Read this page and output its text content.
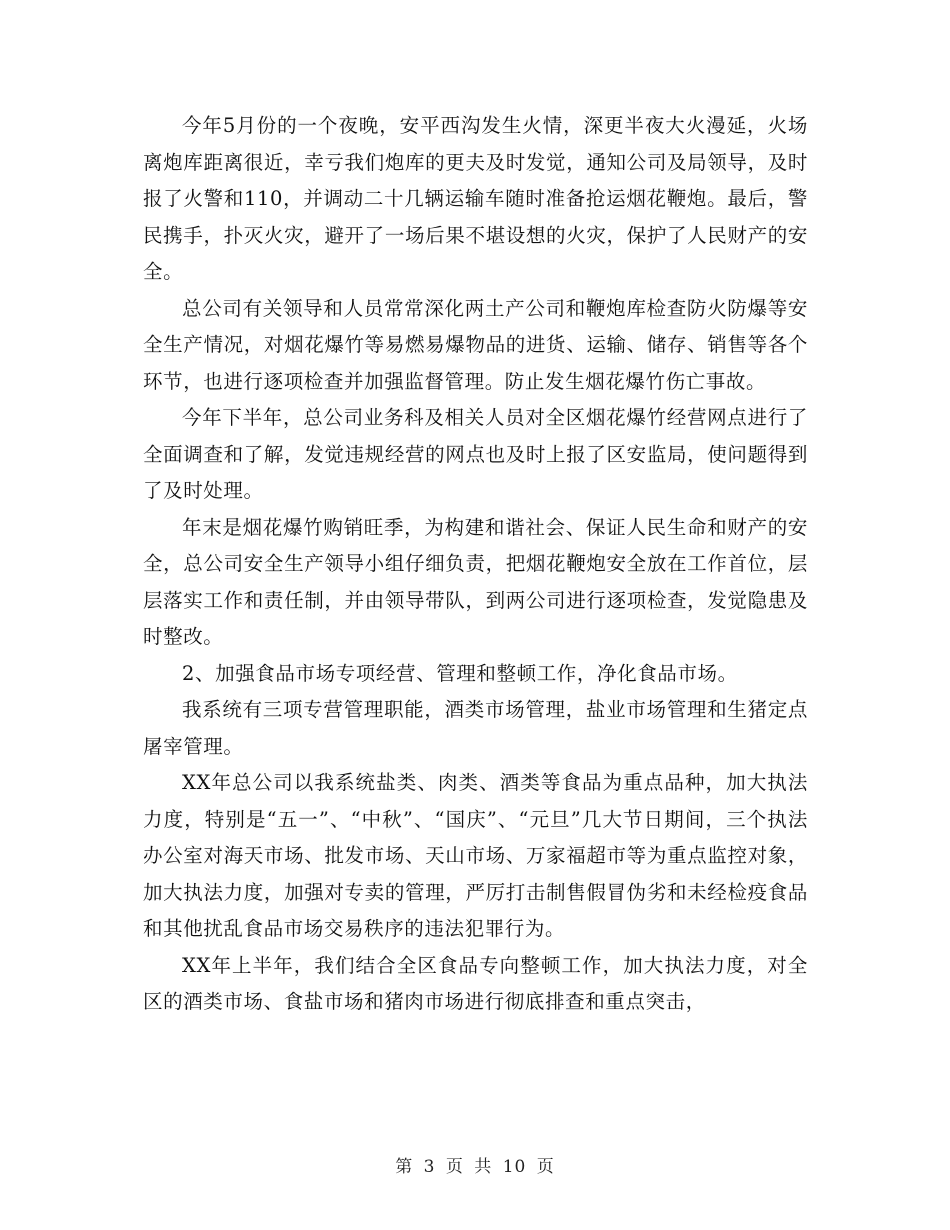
今年5月份的一个夜晚，安平西沟发生火情，深更半夜大火漫延，火场离炮库距离很近，幸亏我们炮库的更夫及时发觉，通知公司及局领导，及时报了火警和110，并调动二十几辆运输车随时准备抢运烟花鞭炮。最后，警民携手，扑灭火灾，避开了一场后果不堪设想的火灾，保护了人民财产的安全。

总公司有关领导和人员常常深化两土产公司和鞭炮库检查防火防爆等安全生产情况，对烟花爆竹等易燃易爆物品的进货、运输、储存、销售等各个环节，也进行逐项检查并加强监督管理。防止发生烟花爆竹伤亡事故。

今年下半年，总公司业务科及相关人员对全区烟花爆竹经营网点进行了全面调查和了解，发觉违规经营的网点也及时上报了区安监局，使问题得到了及时处理。

年末是烟花爆竹购销旺季，为构建和谐社会、保证人民生命和财产的安全，总公司安全生产领导小组仔细负责，把烟花鞭炮安全放在工作首位，层层落实工作和责任制，并由领导带队，到两公司进行逐项检查，发觉隐患及时整改。

2、加强食品市场专项经营、管理和整顿工作，净化食品市场。

我系统有三项专营管理职能，酒类市场管理，盐业市场管理和生猪定点屠宰管理。

XX年总公司以我系统盐类、肉类、酒类等食品为重点品种，加大执法力度，特别是“五一”、“中秋”、“国庆”、“元旦”几大节日期间，三个执法办公室对海天市场、批发市场、天山市场、万家福超市等为重点监控对象，加大执法力度，加强对专卖的管理，严厉打击制售假冒伪劣和未经检疫食品和其他扰乱食品市场交易秩序的违法犯罪行为。

XX年上半年，我们结合全区食品专向整顿工作，加大执法力度，对全区的酒类市场、食盐市场和猪肉市场进行彻底排查和重点突击，

第 3 页 共 10 页
